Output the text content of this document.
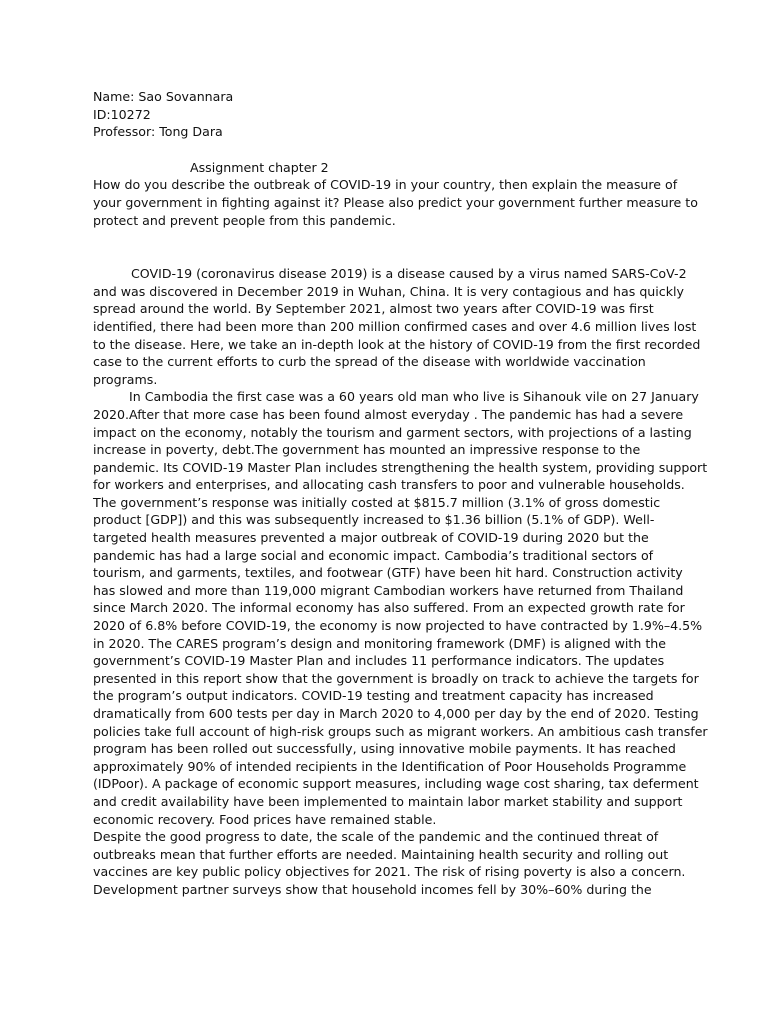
Name: Sao Sovannara

ID:10272

Professor: Tong Dara

Assignment chapter 2

How do you describe the outbreak of COVID-19 in your country, then explain the measure of your government in fighting against it? Please also predict your government further measure to protect and prevent people from this pandemic.

COVID-19 (coronavirus disease 2019) is a disease caused by a virus named SARS-CoV-2 and was discovered in December 2019 in Wuhan, China. It is very contagious and has quickly spread around the world. By September 2021, almost two years after COVID-19 was first identified, there had been more than 200 million confirmed cases and over 4.6 million lives lost to the disease. Here, we take an in-depth look at the history of COVID-19 from the first recorded case to the current efforts to curb the spread of the disease with worldwide vaccination programs.

In Cambodia the first case was a 60 years old man who live is Sihanouk vile on 27 January 2020.After that more case has been found almost everyday . The pandemic has had a severe impact on the economy, notably the tourism and garment sectors, with projections of a lasting increase in poverty, debt.The government has mounted an impressive response to the pandemic. Its COVID-19 Master Plan includes strengthening the health system, providing support for workers and enterprises, and allocating cash transfers to poor and vulnerable households. The government’s response was initially costed at $815.7 million (3.1% of gross domestic product [GDP]) and this was subsequently increased to $1.36 billion (5.1% of GDP). Well-targeted health measures prevented a major outbreak of COVID-19 during 2020 but the pandemic has had a large social and economic impact. Cambodia’s traditional sectors of tourism, and garments, textiles, and footwear (GTF) have been hit hard. Construction activity has slowed and more than 119,000 migrant Cambodian workers have returned from Thailand since March 2020. The informal economy has also suffered. From an expected growth rate for 2020 of 6.8% before COVID-19, the economy is now projected to have contracted by 1.9%–4.5% in 2020. The CARES program’s design and monitoring framework (DMF) is aligned with the government’s COVID-19 Master Plan and includes 11 performance indicators. The updates presented in this report show that the government is broadly on track to achieve the targets for the program’s output indicators. COVID-19 testing and treatment capacity has increased dramatically from 600 tests per day in March 2020 to 4,000 per day by the end of 2020. Testing policies take full account of high-risk groups such as migrant workers. An ambitious cash transfer program has been rolled out successfully, using innovative mobile payments. It has reached approximately 90% of intended recipients in the Identification of Poor Households Programme (IDPoor). A package of economic support measures, including wage cost sharing, tax deferment and credit availability have been implemented to maintain labor market stability and support economic recovery. Food prices have remained stable.

Despite the good progress to date, the scale of the pandemic and the continued threat of outbreaks mean that further efforts are needed. Maintaining health security and rolling out vaccines are key public policy objectives for 2021. The risk of rising poverty is also a concern. Development partner surveys show that household incomes fell by 30%–60% during the
